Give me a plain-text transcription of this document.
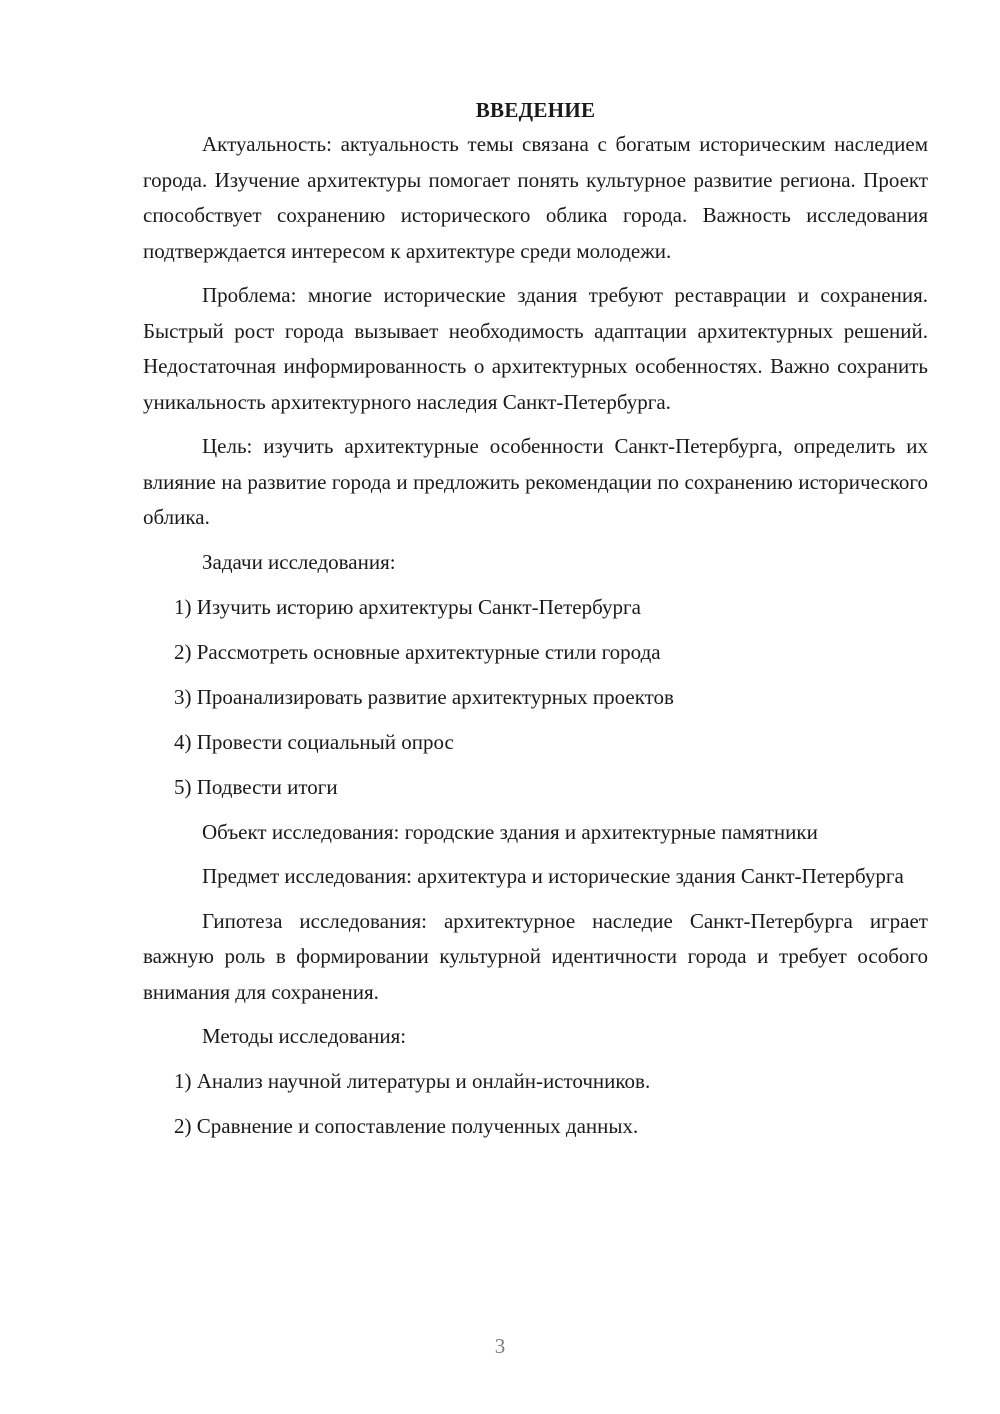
ВВЕДЕНИЕ

Актуальность: актуальность темы связана с богатым историческим наследием города. Изучение архитектуры помогает понять культурное развитие региона. Проект способствует сохранению исторического облика города. Важность исследования подтверждается интересом к архитектуре среди молодежи.

Проблема: многие исторические здания требуют реставрации и сохранения. Быстрый рост города вызывает необходимость адаптации архитектурных решений. Недостаточная информированность о архитектурных особенностях. Важно сохранить уникальность архитектурного наследия Санкт-Петербурга.

Цель: изучить архитектурные особенности Санкт-Петербурга, определить их влияние на развитие города и предложить рекомендации по сохранению исторического облика.

Задачи исследования:
1) Изучить историю архитектуры Санкт-Петербурга
2) Рассмотреть основные архитектурные стили города
3) Проанализировать развитие архитектурных проектов
4) Провести социальный опрос
5) Подвести итоги

Объект исследования: городские здания и архитектурные памятники

Предмет исследования: архитектура и исторические здания Санкт-Петербурга

Гипотеза исследования: архитектурное наследие Санкт-Петербурга играет важную роль в формировании культурной идентичности города и требует особого внимания для сохранения.

Методы исследования:
1) Анализ научной литературы и онлайн-источников.
2) Сравнение и сопоставление полученных данных.
3
